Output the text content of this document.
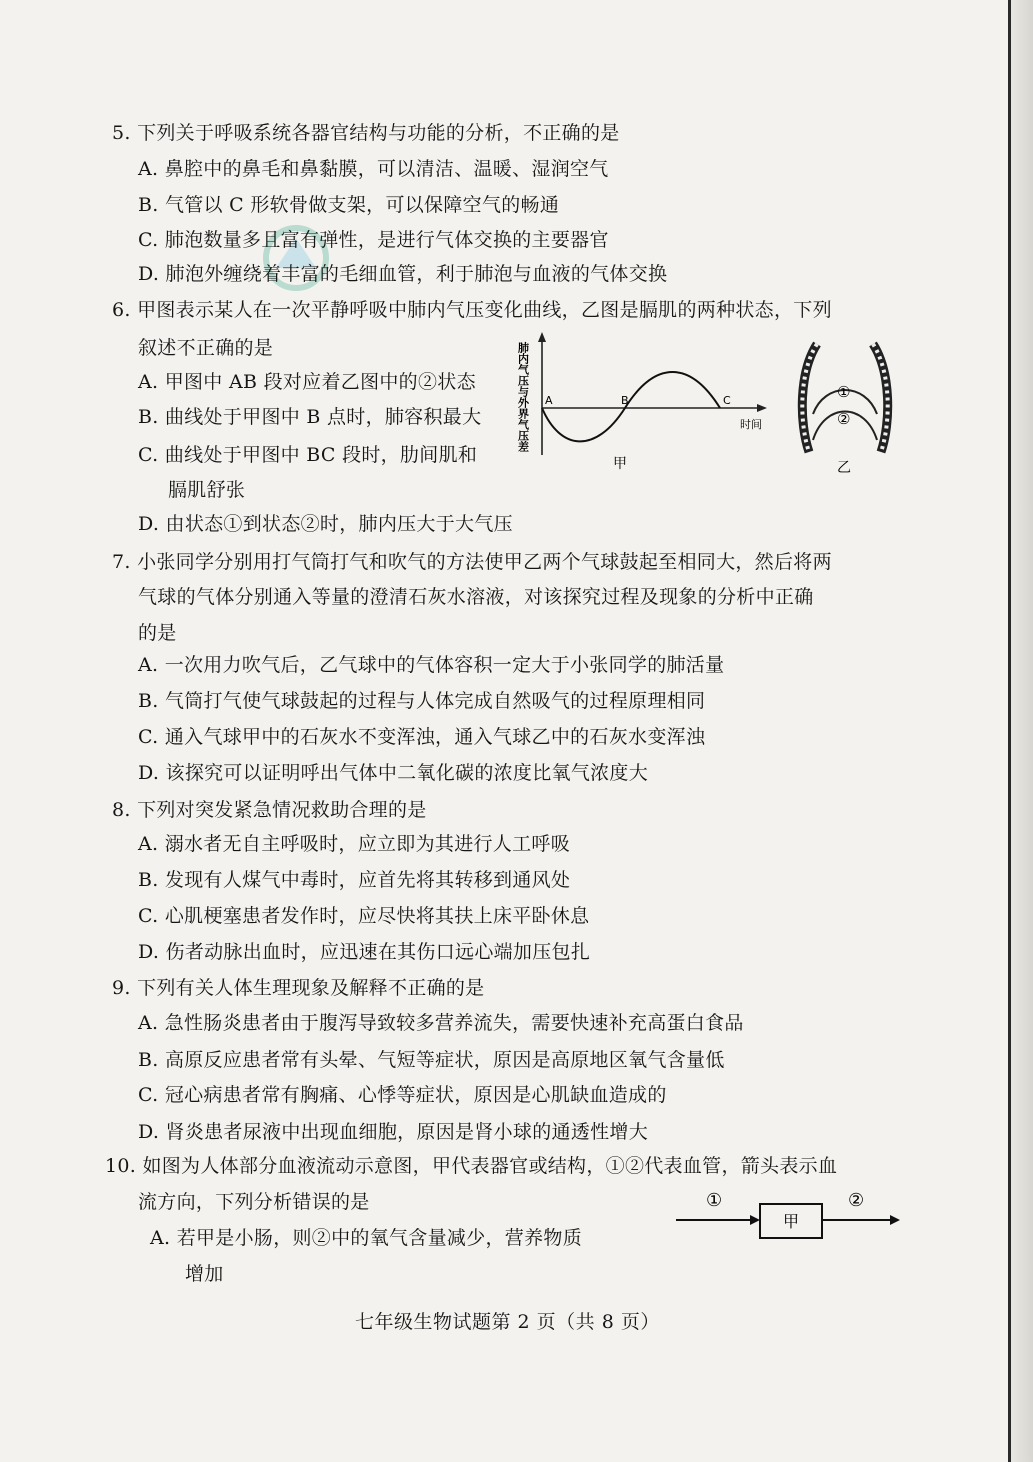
5. 下列关于呼吸系统各器官结构与功能的分析，不正确的是
A. 鼻腔中的鼻毛和鼻黏膜，可以清洁、温暖、湿润空气
B. 气管以 C 形软骨做支架，可以保障空气的畅通
C. 肺泡数量多且富有弹性，是进行气体交换的主要器官
D. 肺泡外缠绕着丰富的毛细血管，利于肺泡与血液的气体交换
6. 甲图表示某人在一次平静呼吸中肺内气压变化曲线，乙图是膈肌的两种状态，下列
叙述不正确的是
A. 甲图中 AB 段对应着乙图中的②状态
B. 曲线处于甲图中 B 点时，肺容积最大
C. 曲线处于甲图中 BC 段时，肋间肌和
膈肌舒张
D. 由状态①到状态②时，肺内压大于大气压
肺内气压与外界气压差 A	B	C
时间
甲
①
②
乙
7. 小张同学分别用打气筒打气和吹气的方法使甲乙两个气球鼓起至相同大，然后将两
气球的气体分别通入等量的澄清石灰水溶液，对该探究过程及现象的分析中正确
的是
A. 一次用力吹气后，乙气球中的气体容积一定大于小张同学的肺活量
B. 气筒打气使气球鼓起的过程与人体完成自然吸气的过程原理相同
C. 通入气球甲中的石灰水不变浑浊，通入气球乙中的石灰水变浑浊
D. 该探究可以证明呼出气体中二氧化碳的浓度比氧气浓度大
8. 下列对突发紧急情况救助合理的是
A. 溺水者无自主呼吸时，应立即为其进行人工呼吸
B. 发现有人煤气中毒时，应首先将其转移到通风处
C. 心肌梗塞患者发作时，应尽快将其扶上床平卧休息
D. 伤者动脉出血时，应迅速在其伤口远心端加压包扎
9. 下列有关人体生理现象及解释不正确的是
A. 急性肠炎患者由于腹泻导致较多营养流失，需要快速补充高蛋白食品
B. 高原反应患者常有头晕、气短等症状，原因是高原地区氧气含量低
C. 冠心病患者常有胸痛、心悸等症状，原因是心肌缺血造成的
D. 肾炎患者尿液中出现血细胞，原因是肾小球的通透性增大
10. 如图为人体部分血液流动示意图，甲代表器官或结构，①②代表血管，箭头表示血
流方向，下列分析错误的是
A. 若甲是小肠，则②中的氧气含量减少，营养物质
增加
①
甲
②
七年级生物试题第 2 页（共 8 页）
